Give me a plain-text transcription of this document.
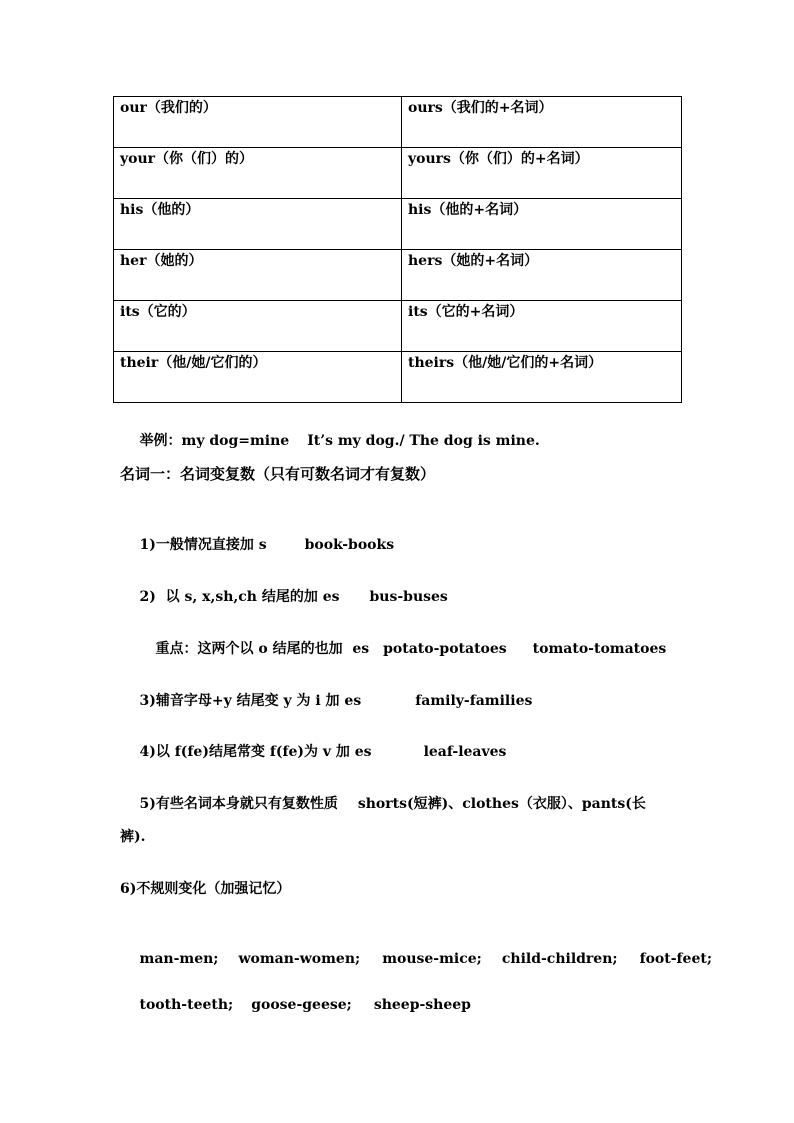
our（我们的）	ours（我们的+名词）
your（你（们）的）	yours（你（们）的+名词）
his（他的）	his（他的+名词）
her（她的）	hers（她的+名词）
its（它的）	its（它的+名词）
their（他/她/它们的）	theirs（他/她/它们的+名词）

举例：my dog=mine It’s my dog./ The dog is mine.

名词一：名词变复数（只有可数名词才有复数）

1)一般情况直接加 s	book-books

2)  以 s, x,sh,ch 结尾的加 es bus-buses

重点：这两个以 o 结尾的也加  es potato-potatoes tomato-tomatoes

3)辅音字母+y 结尾变 y 为 i 加 es	family-families

4)以 f(fe)结尾常变 f(fe)为 v 加 es	leaf-leaves

5)有些名词本身就只有复数性质 shorts(短裤)、clothes（衣服）、pants(长

裤).
6)不规则变化（加强记忆）

man-men; woman-women; mouse-mice; child-children; foot-feet;

tooth-teeth; goose-geese; sheep-sheep
